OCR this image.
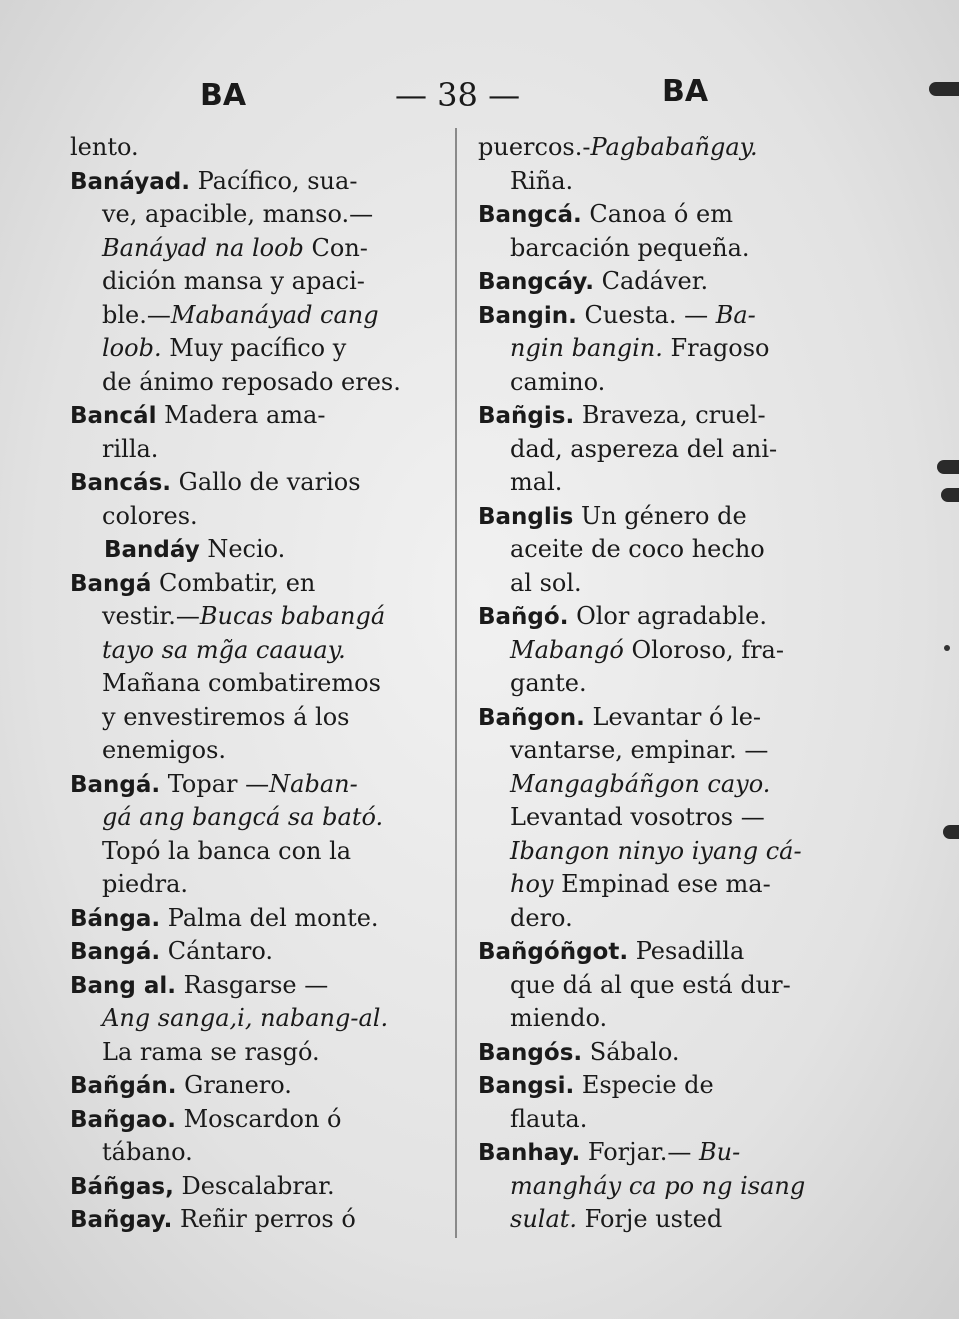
BA	— 38 —	BA
lento.
Banáyad. Pacífico, sua-
ve, apacible, manso.—
Banáyad na loob Con-
dición mansa y apaci-
ble.—Mabanáyad cang
loob. Muy pacífico y
de ánimo reposado eres.
Bancál Madera ama-
rilla.
Bancás. Gallo de varios
colores.
Bandáy Necio.
Bangá Combatir, en
vestir.—Bucas babangá
tayo sa mg̃a caauay.
Mañana combatiremos
y envestiremos á los
enemigos.
Bangá. Topar —Naban-
gá ang bangcá sa bató.
Topó la banca con la
piedra.
Bánga. Palma del monte.
Bangá. Cántaro.
Bang al. Rasgarse —
Ang sanga,i, nabang-al.
La rama se rasgó.
Bañgán. Granero.
Bañgao. Moscardon ó
tábano.
Báñgas, Descalabrar.
Bañgay. Reñir perros ó
puercos.-Pagbabañgay.
Riña.
Bangcá. Canoa ó em
barcación pequeña.
Bangcáy. Cadáver.
Bangin. Cuesta. — Ba-
ngin bangin. Fragoso
camino.
Bañgis. Braveza, cruel-
dad, aspereza del ani-
mal.
Banglis Un género de
aceite de coco hecho
al sol.
Bañgó. Olor agradable.
Mabangó Oloroso, fra-
gante.
Bañgon. Levantar ó le-
vantarse, empinar. —
Mangagbáñgon cayo.
Levantad vosotros —
Ibangon ninyo iyang cá-
hoy Empinad ese ma-
dero.
Bañgóñgot. Pesadilla
que dá al que está dur-
miendo.
Bangós. Sábalo.
Bangsi. Especie de
flauta.
Banhay. Forjar.— Bu-
mangháy ca po ng isang
sulat. Forje usted
